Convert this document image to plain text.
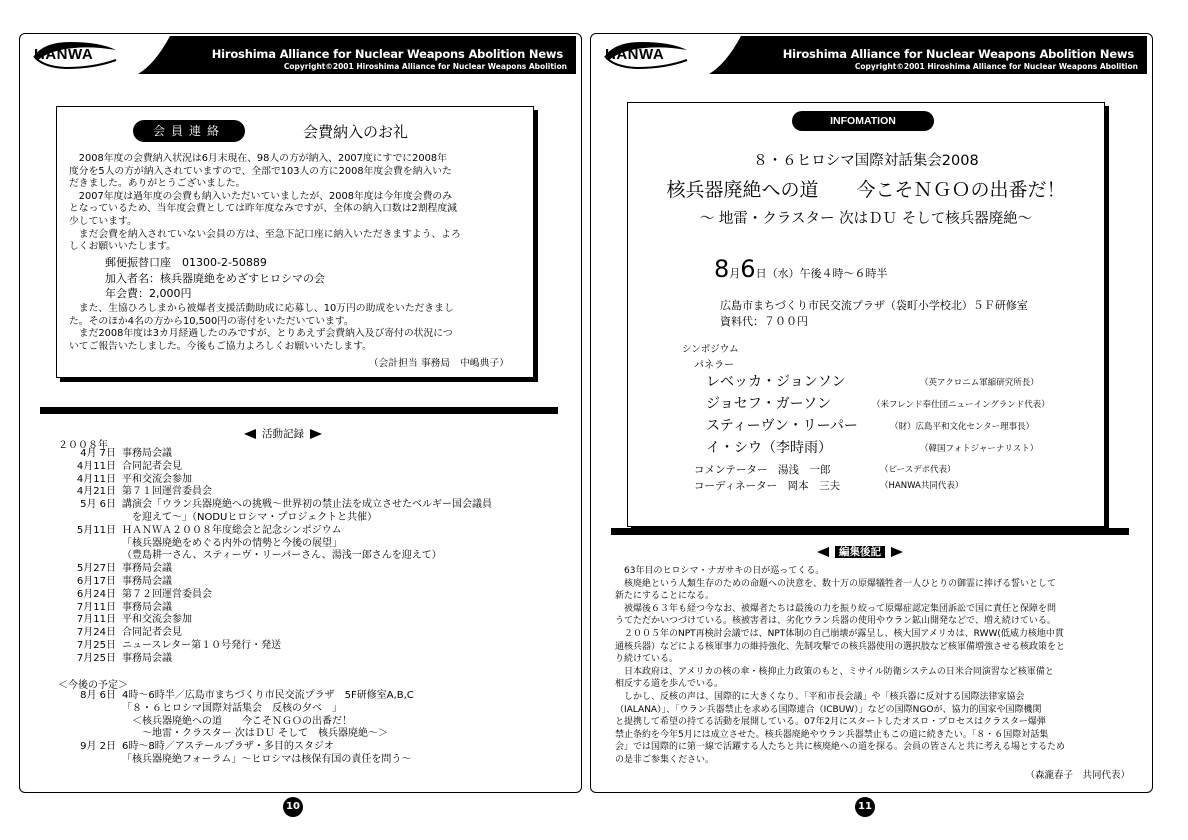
HANWA	Hiroshima Alliance for Nuclear Weapons Abolition News
Copyright©2001 Hiroshima Alliance for Nuclear Weapons Abolition
会員連絡	会費納入のお礼
　2008年度の会費納入状況は6月末現在、98人の方が納入、2007度にすでに2008年
度分を5人の方が納入されていますので、全部で103人の方に2008年度会費を納入いた
だきました。ありがとうございました。
　2007年度は過年度の会費も納入いただいていましたが、2008年度は今年度会費のみ
となっているため、当年度会費としては昨年度なみですが、全体の納入口数は2割程度減
少しています。
　まだ会費を納入されていない会員の方は、至急下記口座に納入いただきますよう、よろ
しくお願いいたします。
郵便振替口座　01300-2-50889
加入者名：核兵器廃絶をめざすヒロシマの会
年会費：2,000円
　また、生協ひろしまから被爆者支援活動助成に応募し、10万円の助成をいただきまし
た。そのほか4名の方から10,500円の寄付をいただいています。
　まだ2008年度は3カ月経過したのみですが、とりあえず会費納入及び寄付の状況につ
いてご報告いたしました。今後もご協力よろしくお願いいたします。
（会計担当 事務局　中嶋典子）
活動記録
２００８年
4月 7日 事務局会議
4月11日 合同記者会見
4月11日 平和交流会参加
4月21日 第７１回運営委員会
5月 6日 講演会「ウラン兵器廃絶への挑戦〜世界初の禁止法を成立させたベルギー国会議員
　を迎えて〜」（NODUヒロシマ・プロジェクトと共催）
5月11日 ＨＡＮＷＡ２００８年度総会と記念シンポジウム
「核兵器廃絶をめぐる内外の情勢と今後の展望」
（豊島耕一さん、スティーヴ・リーパーさん、湯浅一郎さんを迎えて）
5月27日 事務局会議
6月17日 事務局会議
6月24日 第７２回運営委員会
7月11日 事務局会議
7月11日 平和交流会参加
7月24日 合同記者会見
7月25日 ニュースレター第１０号発行・発送
7月25日 事務局会議
＜今後の予定＞
8月 6日 4時〜6時半／広島市まちづくり市民交流プラザ　5F研修室A,B,C
「８・６ヒロシマ国際対話集会　反核の夕べ　」
　＜核兵器廃絶への道　　今こそＮＧＯの出番だ！
　　〜地雷・クラスター 次はＤＵ そして　核兵器廃絶〜＞
9月 2日 6時〜8時／アステールプラザ・多目的スタジオ
「核兵器廃絶フォーラム」〜ヒロシマは核保有国の責任を問う〜
10
HANWA	Hiroshima Alliance for Nuclear Weapons Abolition News
Copyright©2001 Hiroshima Alliance for Nuclear Weapons Abolition
INFOMATION
８・６ヒロシマ国際対話集会2008
核兵器廃絶への道　　今こそＮＧＯの出番だ！
〜 地雷・クラスター 次はＤＵ そして核兵器廃絶〜
8月6日（水）午後４時〜６時半
広島市まちづくり市民交流プラザ（袋町小学校北）５Ｆ研修室
資料代：７００円
シンポジウム
パネラー
レベッカ・ジョンソン	（英アクロニム軍縮研究所長）
ジョセフ・ガーソン	（米フレンド奉仕団ニューイングランド代表）
スティーヴン・リーパー	（財）広島平和文化センター理事長）
イ・シウ（李時雨）	（韓国フォトジャーナリスト）
コメンテーター　湯浅　一郎	（ピースデポ代表）
コーディネーター　岡本　三夫	（HANWA共同代表）
編集後記
　63年目のヒロシマ・ナガサキの日が巡ってくる。
　核廃絶という人類生存のための命題への決意を、数十万の原爆犠牲者一人ひとりの御霊に捧げる誓いとして
新たにすることになる。
　被爆後６３年も経つ今なお、被爆者たちは最後の力を振り絞って原爆症認定集団訴訟で国に責任と保障を問
うてただかいつづけている。核被害者は、劣化ウラン兵器の使用やウラン鉱山開発などで、増え続けている。
　２００５年のNPT再検討会議では、NPT体制の自己崩壊が露呈し、核大国アメリカは、RWW(低威力核地中貫
通核兵器）などによる核軍事力の維持強化、先制攻撃での核兵器使用の選択肢など核軍備増強させる核政策をと
り続けている。
　日本政府は、アメリカの核の傘・核抑止力政策のもと、ミサイル防衛システムの日米合同演習など核軍備と
相反する道を歩んでいる。
　しかし、反核の声は、国際的に大きくなり、「平和市長会議」や「核兵器に反対する国際法律家協会
（IALANA）」、「ウラン兵器禁止を求める国際連合（ICBUW）」などの国際NGOが、協力的国家や国際機関
と提携して希望の持てる活動を展開している。07年2月にスタートしたオスロ・プロセスはクラスター爆弾
禁止条約を今年5月には成立させた。核兵器廃絶やウラン兵器禁止もこの道に続きたい。「８・６国際対話集
会」では国際的に第一線で活躍する人たちと共に核廃絶への道を探る。会員の皆さんと共に考える場とするため
の是非ご参集ください。
（森瀧春子　共同代表）
11
